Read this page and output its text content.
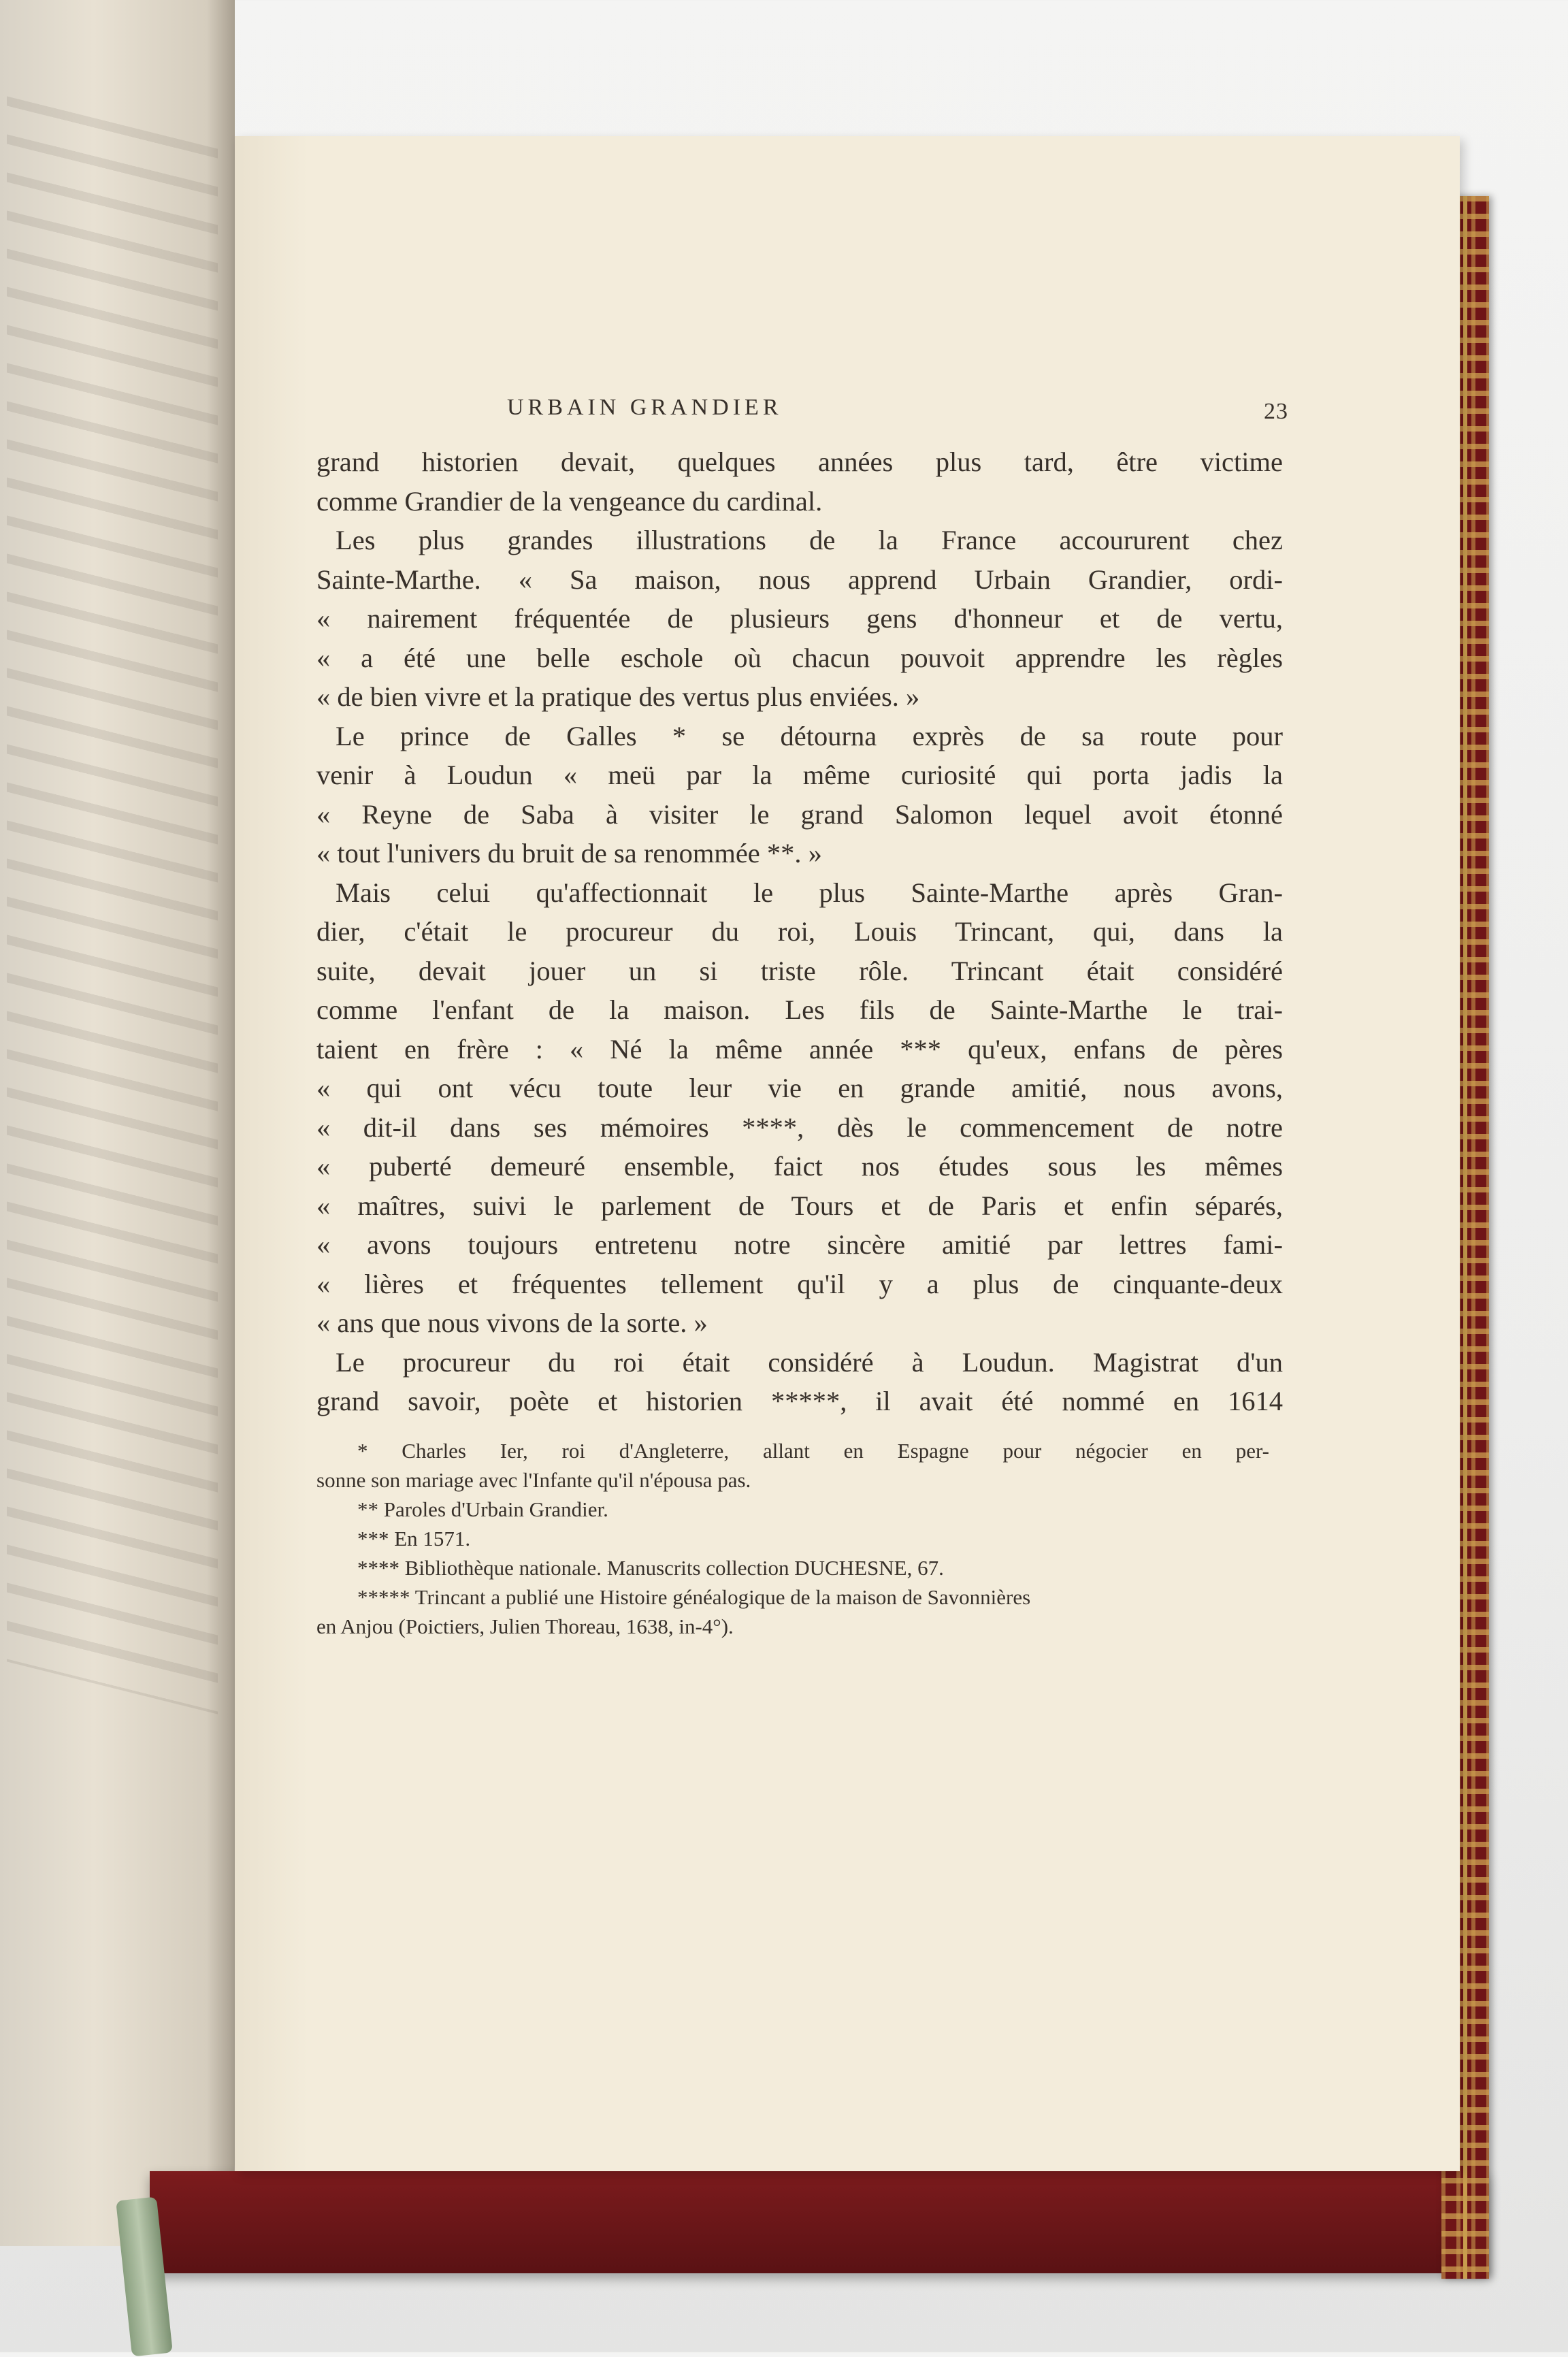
URBAIN GRANDIER	23
grand historien devait, quelques années plus tard, être victime
comme Grandier de la vengeance du cardinal.
Les plus grandes illustrations de la France accoururent chez
Sainte-Marthe. « Sa maison, nous apprend Urbain Grandier, ordi-
« nairement fréquentée de plusieurs gens d'honneur et de vertu,
« a été une belle eschole où chacun pouvoit apprendre les règles
« de bien vivre et la pratique des vertus plus enviées. »
Le prince de Galles * se détourna exprès de sa route pour
venir à Loudun « meü par la même curiosité qui porta jadis la
« Reyne de Saba à visiter le grand Salomon lequel avoit étonné
« tout l'univers du bruit de sa renommée **. »
Mais celui qu'affectionnait le plus Sainte-Marthe après Gran-
dier, c'était le procureur du roi, Louis Trincant, qui, dans la
suite, devait jouer un si triste rôle. Trincant était considéré
comme l'enfant de la maison. Les fils de Sainte-Marthe le trai-
taient en frère : « Né la même année *** qu'eux, enfans de pères
« qui ont vécu toute leur vie en grande amitié, nous avons,
« dit-il dans ses mémoires ****, dès le commencement de notre
« puberté demeuré ensemble, faict nos études sous les mêmes
« maîtres, suivi le parlement de Tours et de Paris et enfin séparés,
« avons toujours entretenu notre sincère amitié par lettres fami-
« lières et fréquentes tellement qu'il y a plus de cinquante-deux
« ans que nous vivons de la sorte. »
Le procureur du roi était considéré à Loudun. Magistrat d'un
grand savoir, poète et historien *****, il avait été nommé en 1614
* Charles Ier, roi d'Angleterre, allant en Espagne pour négocier en per-
sonne son mariage avec l'Infante qu'il n'épousa pas.
** Paroles d'Urbain Grandier.
*** En 1571.
**** Bibliothèque nationale. Manuscrits collection DUCHESNE, 67.
***** Trincant a publié une Histoire généalogique de la maison de Savonnières
en Anjou (Poictiers, Julien Thoreau, 1638, in-4°).
